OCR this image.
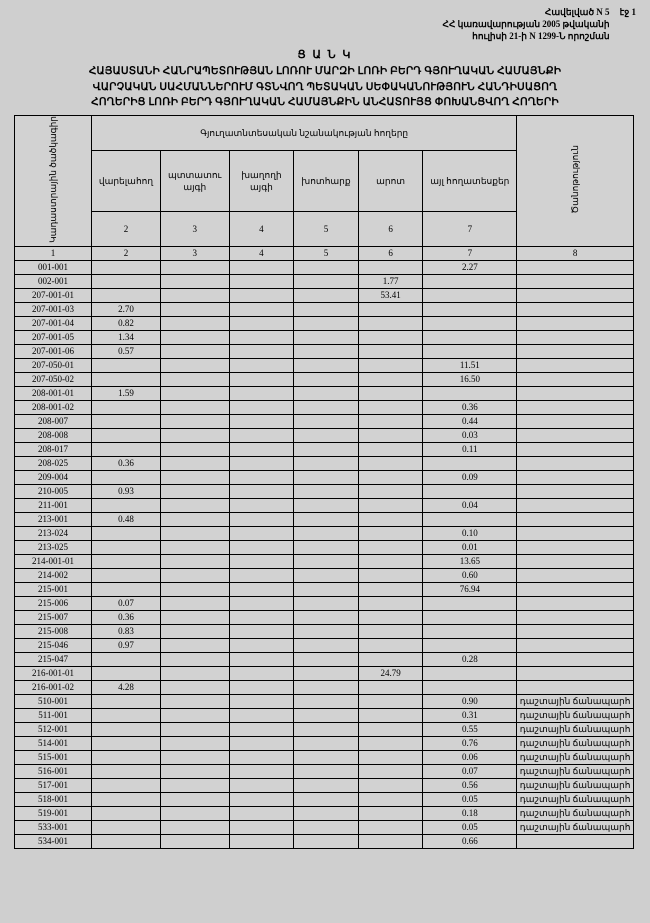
Հավելված N 5
ՀՀ կառավարության 2005 թվականի
հուլիսի 21-ի N 1299-Ն որոշման
էջ 1
Ց Ա Ն Կ
ՀԱՅԱՍՏԱՆԻ ՀԱՆՐԱՊԵՏՈՒԹՅԱՆ ԼՈՌՈՒ ՄԱՐԶԻ ԼՈՌԻ ԲԵՐԴ ԳՅՈՒՂԱԿԱՆ ՀԱՄԱՅՆՔԻ
ՎԱՐՉԱԿԱՆ ՍԱՀՄԱՆՆԵՐՈՒՄ ԳՏՆՎՈՂ ՊԵՏԱԿԱՆ ՍԵՓԱԿԱՆՈՒԹՅՈՒՆ ՀԱՆԴԻՍԱՑՈՂ
ՀՈՂԵՐԻՑ ԼՈՌԻ ԲԵՐԴ ԳՅՈՒՂԱԿԱՆ ՀԱՄԱՅՆՔԻՆ ԱՆՀԱՏՈՒՅՑ ՓՈԽԱՆՑՎՈՂ ՀՈՂԵՐԻ
Կադաստրային ծածկագիր	Գյուղատնտեսական նշանակության հողերը						Ծանոթություն
	վարելահող	պտտատու այգի	խաղողի այգի	խոտհարք	արոտ	այլ հողատեսքեր	
	2	3	4	5	6	7	
1	2	3	4	5	6	7	8
001-001						2.27	
002-001					1.77		
207-001-01					53.41		
207-001-03	2.70						
207-001-04	0.82						
207-001-05	1.34						
207-001-06	0.57						
207-050-01						11.51	
207-050-02						16.50	
208-001-01	1.59						
208-001-02						0.36	
208-007						0.44	
208-008						0.03	
208-017						0.11	
208-025	0.36						
209-004						0.09	
210-005	0.93						
211-001						0.04	
213-001	0.48						
213-024						0.10	
213-025						0.01	
214-001-01						13.65	
214-002						0.60	
215-001						76.94	
215-006	0.07						
215-007	0.36						
215-008	0.83						
215-046	0.97						
215-047						0.28	
216-001-01					24.79		
216-001-02	4.28						
510-001						0.90	դաշտային ճանապարհ
511-001						0.31	դաշտային ճանապարհ
512-001						0.55	դաշտային ճանապարհ
514-001						0.76	դաշտային ճանապարհ
515-001						0.06	դաշտային ճանապարհ
516-001						0.07	դաշտային ճանապարհ
517-001						0.56	դաշտային ճանապարհ
518-001						0.05	դաշտային ճանապարհ
519-001						0.18	դաշտային ճանապարհ
533-001						0.05	դաշտային ճանապարհ
534-001						0.66	
